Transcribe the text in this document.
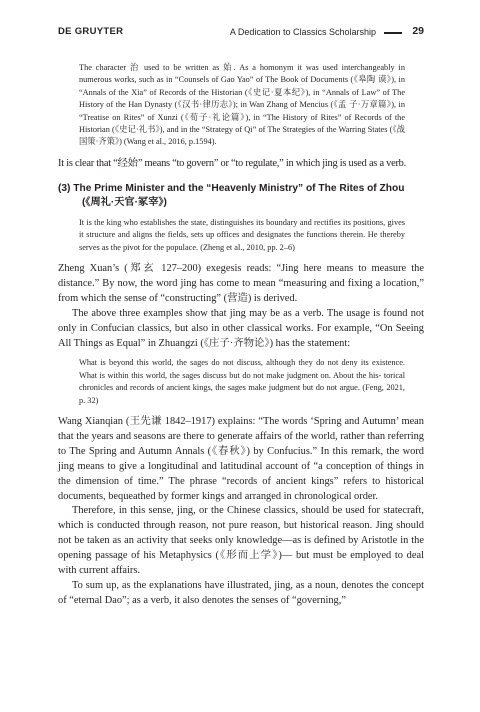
DE GRUYTER	A Dedication to Classics Scholarship	29
The character 治 used to be written as 始. As a homonym it was used interchangeably in numerous works, such as in “Counsels of Gao Yao” of The Book of Documents (《皋陶 谟》), in “Annals of the Xia” of Records of the Historian (《史记·夏本纪》), in “Annals of Law” of The History of the Han Dynasty (《汉书·律历志》); in Wan Zhang of Mencius (《孟 子·万章篇》), in “Treatise on Rites” of Xunzi (《荀子·礼论篇》), in “The History of Rites” of Records of the Historian (《史记·礼书》), and in the “Strategy of Qi” of The Strategies of the Warring States (《战国策·齐策》) (Wang et al., 2016, p.1594).

It is clear that “经始” means “to govern” or “to regulate,” in which jing is used as a verb.

(3) The Prime Minister and the “Heavenly Ministry” of The Rites of Zhou
(《周礼·天官·冢宰》)
It is the king who establishes the state, distinguishes its boundary and rectifies its positions, gives it structure and aligns the fields, sets up offices and designates the functions therein. He thereby serves as the pivot for the populace. (Zheng et al., 2010, pp. 2–6)

Zheng Xuan’s (郑玄 127–200) exegesis reads: “Jing here means to measure the distance.” By now, the word jing has come to mean “measuring and fixing a location,” from which the sense of “constructing” (营造) is derived.

The above three examples show that jing may be as a verb. The usage is found not only in Confucian classics, but also in other classical works. For example, “On Seeing All Things as Equal” in Zhuangzi (《庄子·齐物论》) has the statement:

What is beyond this world, the sages do not discuss, although they do not deny its existence. What is within this world, the sages discuss but do not make judgment on. About the his- torical chronicles and records of ancient kings, the sages make judgment but do not argue. (Feng, 2021, p. 32)

Wang Xianqian (王先谦 1842–1917) explains: “The words ‘Spring and Autumn’ mean that the years and seasons are there to generate affairs of the world, rather than referring to The Spring and Autumn Annals (《春秋》) by Confucius.” In this remark, the word jing means to give a longitudinal and latitudinal account of “a conception of things in the dimension of time.” The phrase “records of ancient kings” refers to historical documents, bequeathed by former kings and arranged in chronological order.

Therefore, in this sense, jing, or the Chinese classics, should be used for statecraft, which is conducted through reason, not pure reason, but historical reason. Jing should not be taken as an activity that seeks only knowledge—as is defined by Aristotle in the opening passage of his Metaphysics (《形而上学》)— but must be employed to deal with current affairs.

To sum up, as the explanations have illustrated, jing, as a noun, denotes the concept of “eternal Dao”; as a verb, it also denotes the senses of “governing,”
